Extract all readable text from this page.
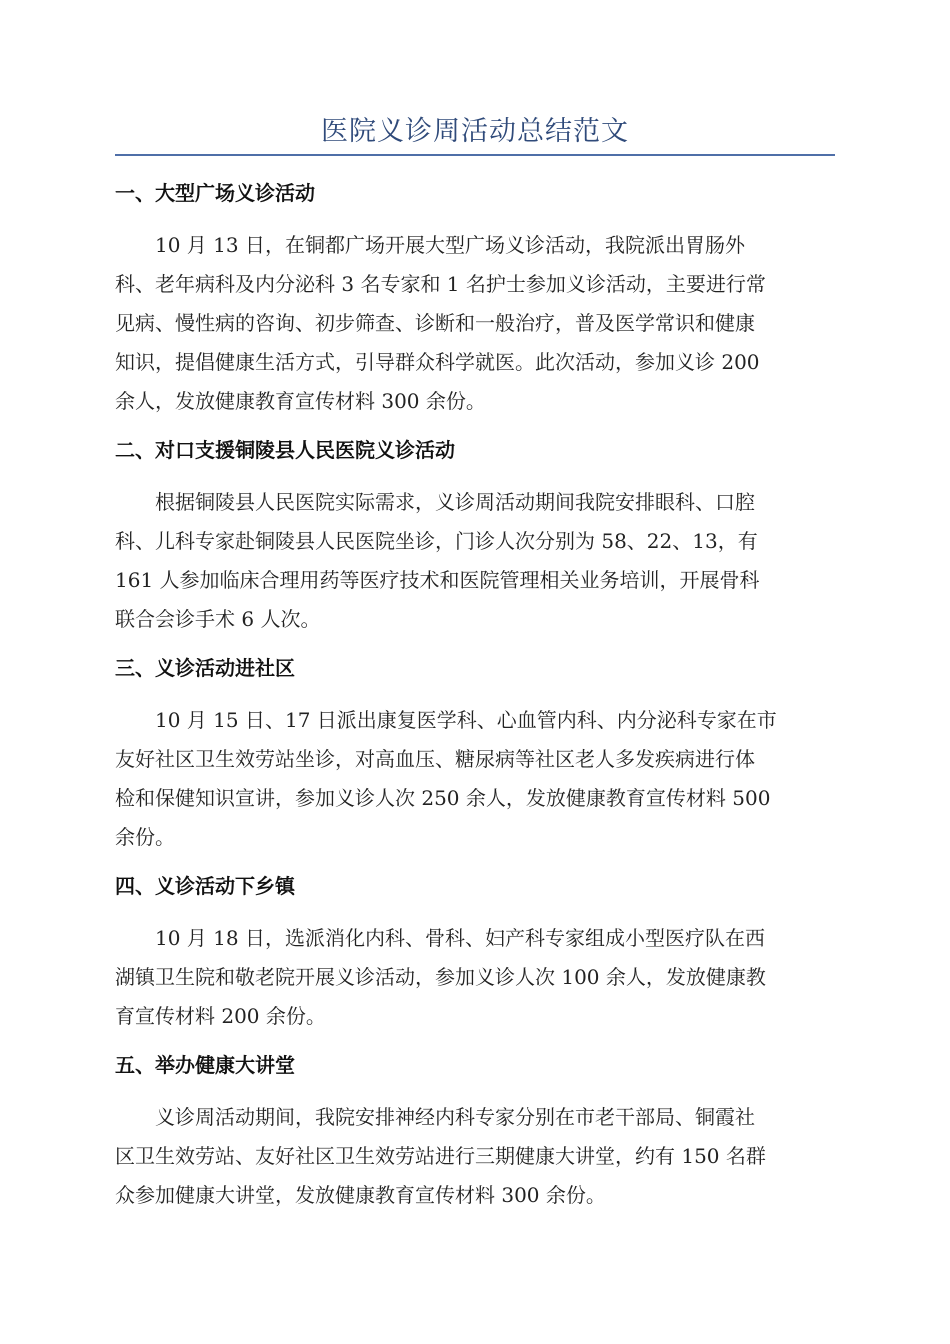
医院义诊周活动总结范文
一、大型广场义诊活动
10 月 13 日，在铜都广场开展大型广场义诊活动，我院派出胃肠外
科、老年病科及内分泌科 3 名专家和 1 名护士参加义诊活动，主要进行常
见病、慢性病的咨询、初步筛查、诊断和一般治疗，普及医学常识和健康
知识，提倡健康生活方式，引导群众科学就医。此次活动，参加义诊 200
余人，发放健康教育宣传材料 300 余份。
二、对口支援铜陵县人民医院义诊活动
根据铜陵县人民医院实际需求，义诊周活动期间我院安排眼科、口腔
科、儿科专家赴铜陵县人民医院坐诊，门诊人次分别为 58、22、13，有
161 人参加临床合理用药等医疗技术和医院管理相关业务培训，开展骨科
联合会诊手术 6 人次。
三、义诊活动进社区
10 月 15 日、17 日派出康复医学科、心血管内科、内分泌科专家在市
友好社区卫生效劳站坐诊，对高血压、糖尿病等社区老人多发疾病进行体
检和保健知识宣讲，参加义诊人次 250 余人，发放健康教育宣传材料 500
余份。
四、义诊活动下乡镇
10 月 18 日，选派消化内科、骨科、妇产科专家组成小型医疗队在西
湖镇卫生院和敬老院开展义诊活动，参加义诊人次 100 余人，发放健康教
育宣传材料 200 余份。
五、举办健康大讲堂
义诊周活动期间，我院安排神经内科专家分别在市老干部局、铜霞社
区卫生效劳站、友好社区卫生效劳站进行三期健康大讲堂，约有 150 名群
众参加健康大讲堂，发放健康教育宣传材料 300 余份。
